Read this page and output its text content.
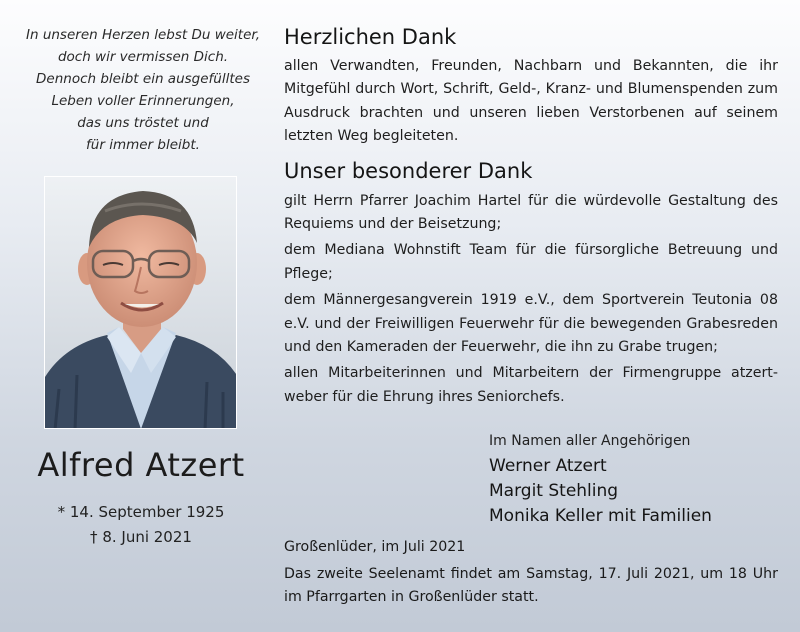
In unseren Herzen lebst Du weiter,
doch wir vermissen Dich.
Dennoch bleibt ein ausgefülltes
Leben voller Erinnerungen,
das uns tröstet und
für immer bleibt.
Alfred Atzert
* 14. September 1925
† 8. Juni 2021
Herzlichen Dank
allen Verwandten, Freunden, Nachbarn und Bekannten, die ihr Mitgefühl durch Wort, Schrift, Geld-, Kranz- und Blumenspenden zum Ausdruck brachten und unseren lieben Verstorbenen auf seinem letzten Weg begleiteten.
Unser besonderer Dank
gilt Herrn Pfarrer Joachim Hartel für die würdevolle Gestaltung des Requiems und der Beisetzung;
dem Mediana Wohnstift Team für die fürsorgliche Betreuung und Pflege;
dem Männergesangverein 1919 e.V., dem Sportverein Teutonia 08 e.V. und der Freiwilligen Feuerwehr für die bewegenden Grabesreden und den Kameraden der Feuerwehr, die ihn zu Grabe trugen;
allen Mitarbeiterinnen und Mitarbeitern der Firmengruppe atzert-weber für die Ehrung ihres Seniorchefs.
Im Namen aller Angehörigen
Werner Atzert
Margit Stehling
Monika Keller mit Familien
Großenlüder, im Juli 2021
Das zweite Seelenamt findet am Samstag, 17. Juli 2021, um 18 Uhr im Pfarrgarten in Großenlüder statt.
